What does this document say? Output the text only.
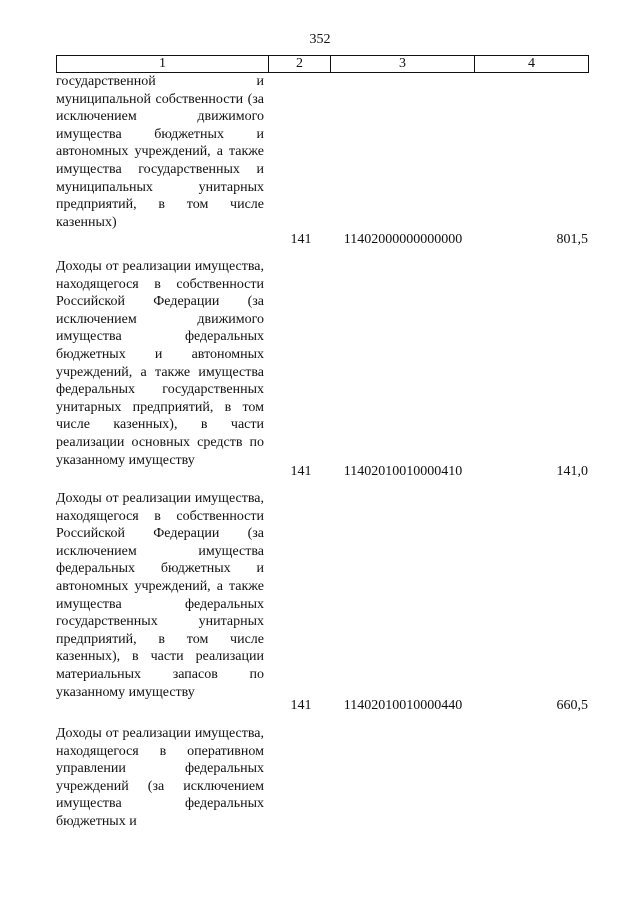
352
1	2	3	4
государственной и муниципальной собственности (за исключением движимого имущества бюджетных и автономных учреждений, а также имущества государственных и муниципальных унитарных предприятий, в том числе казенных)
141	11402000000000000	801,5
Доходы от реализации имущества, находящегося в собственности Российской Федерации (за исключением движимого имущества федеральных бюджетных и автономных учреждений, а также имущества федеральных государственных унитарных предприятий, в том числе казенных), в части реализации основных средств по указанному имуществу
141	11402010010000410	141,0
Доходы от реализации имущества, находящегося в собственности Российской Федерации (за исключением имущества федеральных бюджетных и автономных учреждений, а также имущества федеральных государственных унитарных предприятий, в том числе казенных), в части реализации материальных запасов по указанному имуществу
141	11402010010000440	660,5
Доходы от реализации имущества, находящегося в оперативном управлении федеральных учреждений (за исключением имущества федеральных бюджетных и
